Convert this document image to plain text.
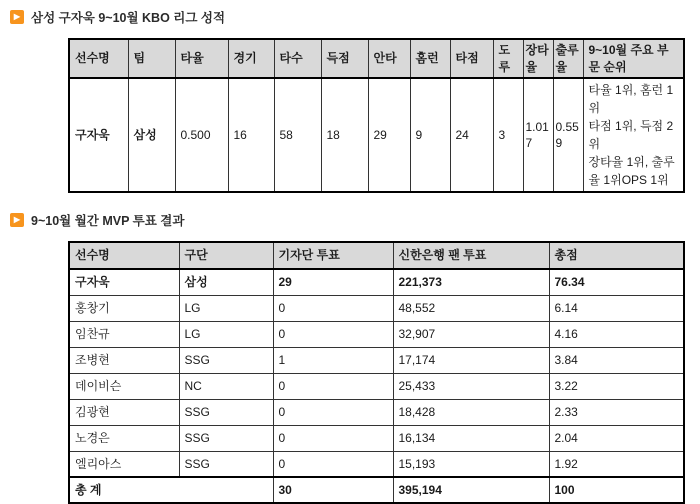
▶ 삼성 구자욱 9~10월 KBO 리그 성적
선수명	팀	타율	경기	타수	득점	안타	홈런	타점	도루	장타율	출루율	9~10월 주요 부문 순위
구자욱	삼성	0.500	16	58	18	29	9	24	3	1.017	0.559	타율 1위, 홈런 1위
타점 1위, 득점 2위
장타율 1위, 출루율 1위OPS 1위
▶ 9~10월 월간 MVP 투표 결과
선수명	구단	기자단 투표	신한은행 팬 투표	총점
구자욱	삼성	29	221,373	76.34
홍창기	LG	0	48,552	6.14
임찬규	LG	0	32,907	4.16
조병현	SSG	1	17,174	3.84
데이비슨	NC	0	25,433	3.22
김광현	SSG	0	18,428	2.33
노경은	SSG	0	16,134	2.04
엘리아스	SSG	0	15,193	1.92
총 계		30	395,194	100
